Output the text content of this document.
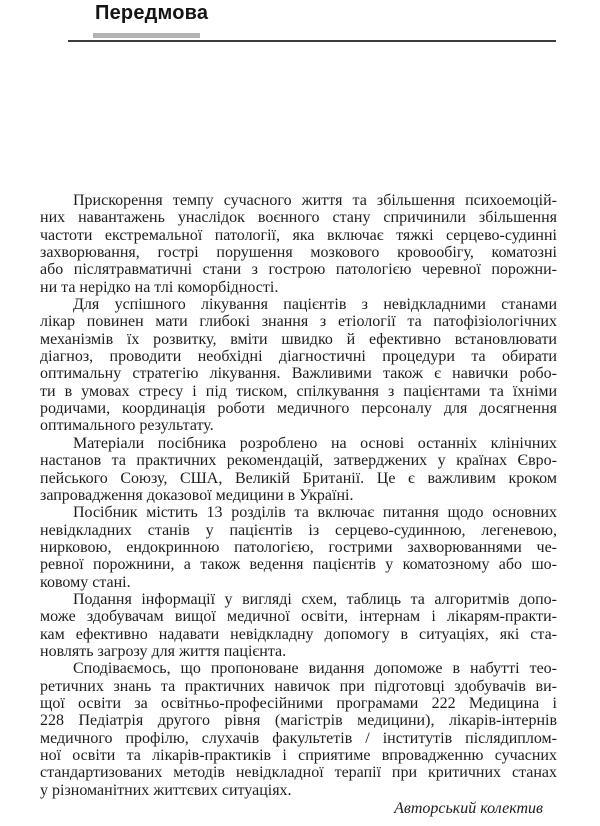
Передмова
Прискорення темпу сучасного життя та збільшення психоемоцій-
них навантажень унаслідок воєнного стану спричинили збільшення
частоти екстремальної патології, яка включає тяжкі серцево-судинні
захворювання, гострі порушення мозкового кровообігу, коматозні
або післятравматичні стани з гострою патологією черевної порожни-
ни та нерідко на тлі коморбідності.
Для успішного лікування пацієнтів з невідкладними станами
лікар повинен мати глибокі знання з етіології та патофізіологічних
механізмів їх розвитку, вміти швидко й ефективно встановлювати
діагноз, проводити необхідні діагностичні процедури та обирати
оптимальну стратегію лікування. Важливими також є навички робо-
ти в умовах стресу і під тиском, спілкування з пацієнтами та їхніми
родичами, координація роботи медичного персоналу для досягнення
оптимального результату.
Матеріали посібника розроблено на основі останніх клінічних
настанов та практичних рекомендацій, затверджених у країнах Євро-
пейського Союзу, США, Великій Британії. Це є важливим кроком
запровадження доказової медицини в Україні.
Посібник містить 13 розділів та включає питання щодо основних
невідкладних станів у пацієнтів із серцево-судинною, легеневою,
нирковою, ендокринною патологією, гострими захворюваннями че-
ревної порожнини, а також ведення пацієнтів у коматозному або шо-
ковому стані.
Подання інформації у вигляді схем, таблиць та алгоритмів допо-
може здобувачам вищої медичної освіти, інтернам і лікарям-практи-
кам ефективно надавати невідкладну допомогу в ситуаціях, які ста-
новлять загрозу для життя пацієнта.
Сподіваємось, що пропоноване видання допоможе в набутті тео-
ретичних знань та практичних навичок при підготовці здобувачів ви-
щої освіти за освітньо-професійними програмами 222 Медицина і
228 Педіатрія другого рівня (магістрів медицини), лікарів-інтернів
медичного профілю, слухачів факультетів / інститутів післядиплом-
ної освіти та лікарів-практиків і сприятиме впровадженню сучасних
стандартизованих методів невідкладної терапії при критичних станах
у різноманітних життєвих ситуаціях.
Авторський колектив
